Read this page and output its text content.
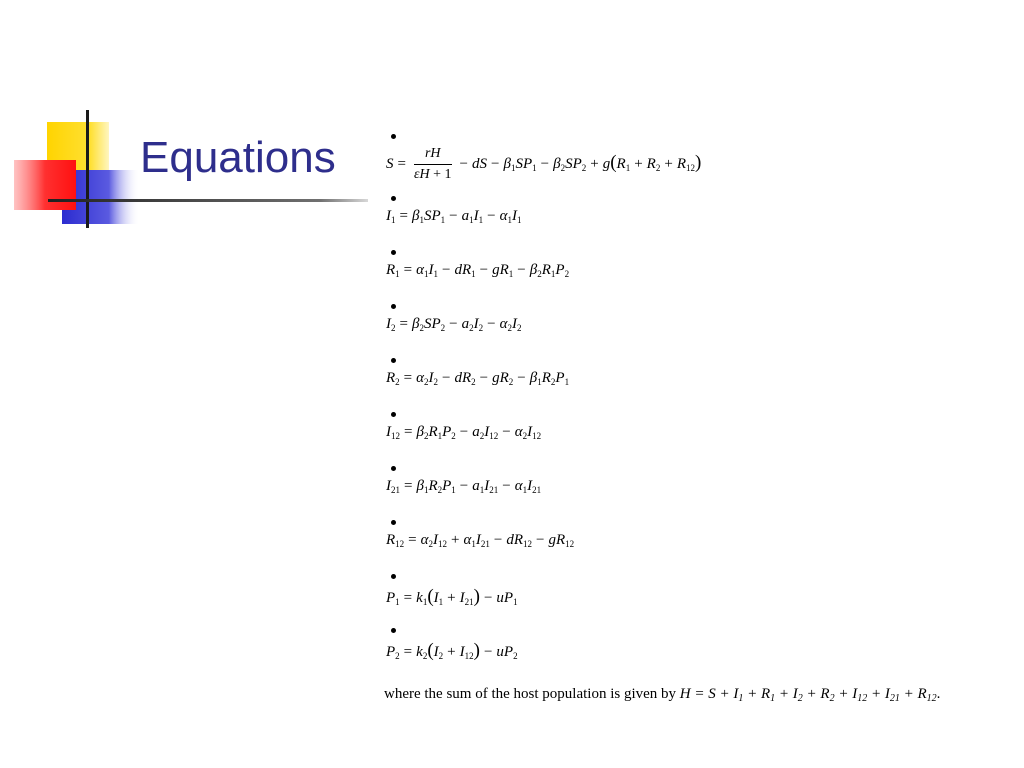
Equations	$S = \frac{rH}{\varepsilon H + 1}$ − dS − $\beta_1SP_1 - \beta_2SP_2 + g(R_1 + R_2 + R_{12})$
$I_1 = \beta_1SP_1 - a_1I_1 - \alpha_1I_1$
$R_1 = \alpha_1I_1 - dR_1 - gR_1 - \beta_2R_1P_2$
$I_2 = \beta_2SP_2 - a_2I_2 - \alpha_2I_2$
$R_2 = \alpha_2I_2 - dR_2 - gR_2 - \beta_1R_2P_1$
$I_{12} = \beta_2R_1P_2 - a_2I_{12} - \alpha_2I_{12}$
$I_{21} = \beta_1R_2P_1 - a_1I_{21} - \alpha_1I_{21}$
$R_{12} = \alpha_2I_{12} + \alpha_1I_{21} - dR_{12} - gR_{12}$
$P_1 = k_1(I_1 + I_{21}) - uP_1$
$P_2 = k_2(I_2 + I_{12}) - uP_2$
where the sum of the host population is given by $H = S + I_1 + R_1 + I_2 + R_2 + I_{12} + I_{21} + R_{12}$.
